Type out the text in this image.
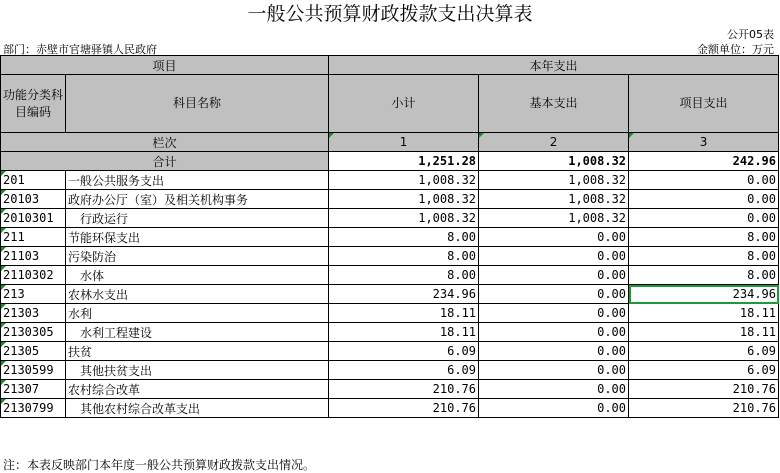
一般公共预算财政拨款支出决算表
公开05表
部门：赤壁市官塘驿镇人民政府	金额单位：万元
项目		本年支出		
功能分类科目编码	科目名称	小计	基本支出	项目支出
栏次		1	2	3
合计		1,251.28	1,008.32	242.96
201	一般公共服务支出	1,008.32	1,008.32	0.00
20103	政府办公厅（室）及相关机构事务	1,008.32	1,008.32	0.00
2010301	行政运行	1,008.32	1,008.32	0.00
211	节能环保支出	8.00	0.00	8.00
21103	污染防治	8.00	0.00	8.00
2110302	水体	8.00	0.00	8.00
213	农林水支出	234.96	0.00	234.96
21303	水利	18.11	0.00	18.11
2130305	水利工程建设	18.11	0.00	18.11
21305	扶贫	6.09	0.00	6.09
2130599	其他扶贫支出	6.09	0.00	6.09
21307	农村综合改革	210.76	0.00	210.76
2130799	其他农村综合改革支出	210.76	0.00	210.76
注：本表反映部门本年度一般公共预算财政拨款支出情况。
